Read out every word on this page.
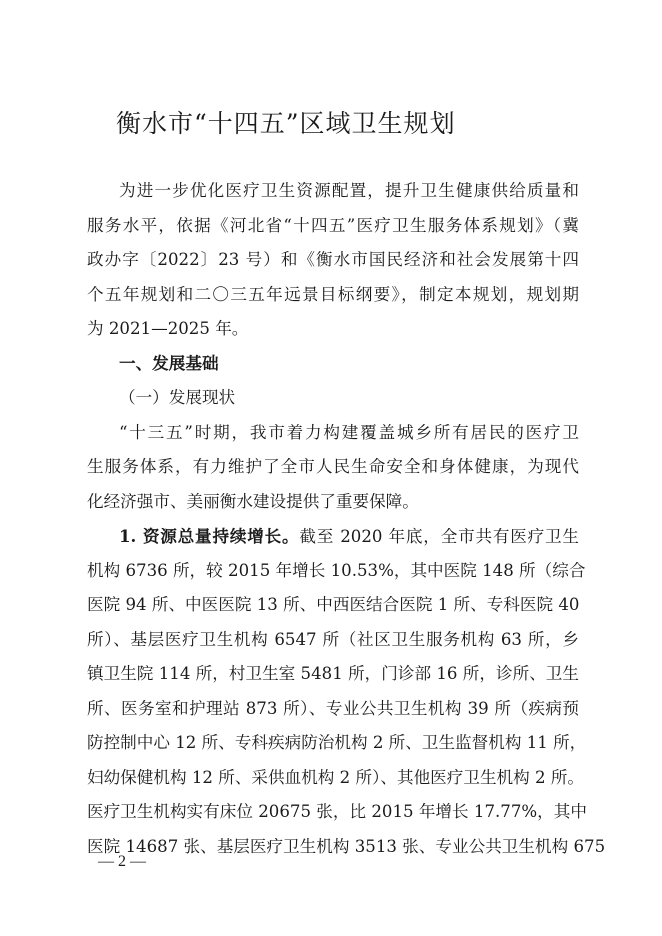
衡水市“十四五”区域卫生规划
为进一步优化医疗卫生资源配置，提升卫生健康供给质量和
服务水平，依据《河北省“十四五”医疗卫生服务体系规划》（冀
政办字〔2022〕23 号）和《衡水市国民经济和社会发展第十四
个五年规划和二〇三五年远景目标纲要》，制定本规划，规划期
为 2021—2025 年。
一、发展基础
（一）发展现状
“十三五”时期，我市着力构建覆盖城乡所有居民的医疗卫
生服务体系，有力维护了全市人民生命安全和身体健康，为现代
化经济强市、美丽衡水建设提供了重要保障。
1. 资源总量持续增长。截至 2020 年底，全市共有医疗卫生
机构 6736 所，较 2015 年增长 10.53%，其中医院 148 所（综合
医院 94 所、中医医院 13 所、中西医结合医院 1 所、专科医院 40
所）、基层医疗卫生机构 6547 所（社区卫生服务机构 63 所，乡
镇卫生院 114 所，村卫生室 5481 所，门诊部 16 所，诊所、卫生
所、医务室和护理站 873 所）、专业公共卫生机构 39 所（疾病预
防控制中心 12 所、专科疾病防治机构 2 所、卫生监督机构 11 所，
妇幼保健机构 12 所、采供血机构 2 所）、其他医疗卫生机构 2 所。
医疗卫生机构实有床位 20675 张，比 2015 年增长 17.77%，其中
医院 14687 张、基层医疗卫生机构 3513 张、专业公共卫生机构 675
— 2 —
